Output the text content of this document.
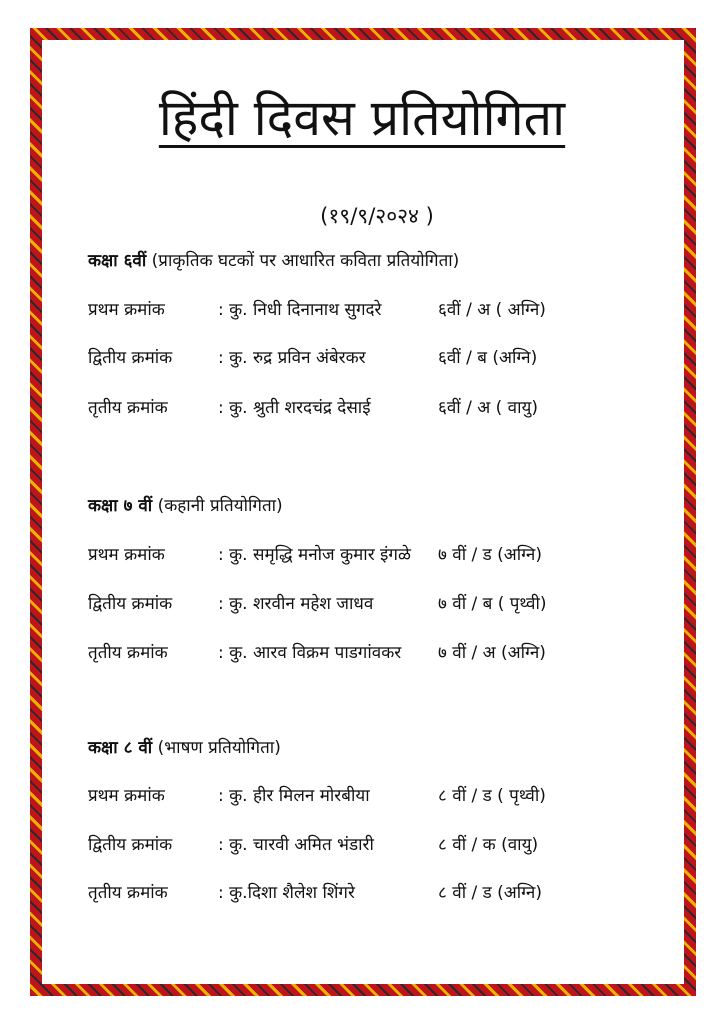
हिंदी दिवस प्रतियोगिता
(१९/९/२०२४ )
कक्षा ६वीं (प्राकृतिक घटकों पर आधारित कविता प्रतियोगिता)
प्रथम क्रमांक	: कु. निधी दिनानाथ सुगदरे	६वीं / अ ( अग्नि)
द्वितीय क्रमांक	: कु. रुद्र प्रविन अंबेरकर	६वीं / ब (अग्नि)
तृतीय क्रमांक	: कु. श्रुती शरदचंद्र देसाई	६वीं / अ ( वायु)
कक्षा ७ वीं (कहानी प्रतियोगिता)
प्रथम क्रमांक	: कु. समृद्धि मनोज कुमार इंगळे ७ वीं / ड (अग्नि)
द्वितीय क्रमांक	: कु. शरवीन महेश जाधव	७ वीं / ब ( पृथ्वी)
तृतीय क्रमांक	: कु. आरव विक्रम पाडगांवकर ७ वीं / अ (अग्नि)
कक्षा ८ वीं (भाषण प्रतियोगिता)
प्रथम क्रमांक	: कु. हीर मिलन मोरबीया	८ वीं / ड ( पृथ्वी)
द्वितीय क्रमांक	: कु. चारवी अमित भंडारी	८ वीं / क (वायु)
तृतीय क्रमांक	: कु.दिशा शैलेश शिंगरे	८ वीं / ड (अग्नि)
